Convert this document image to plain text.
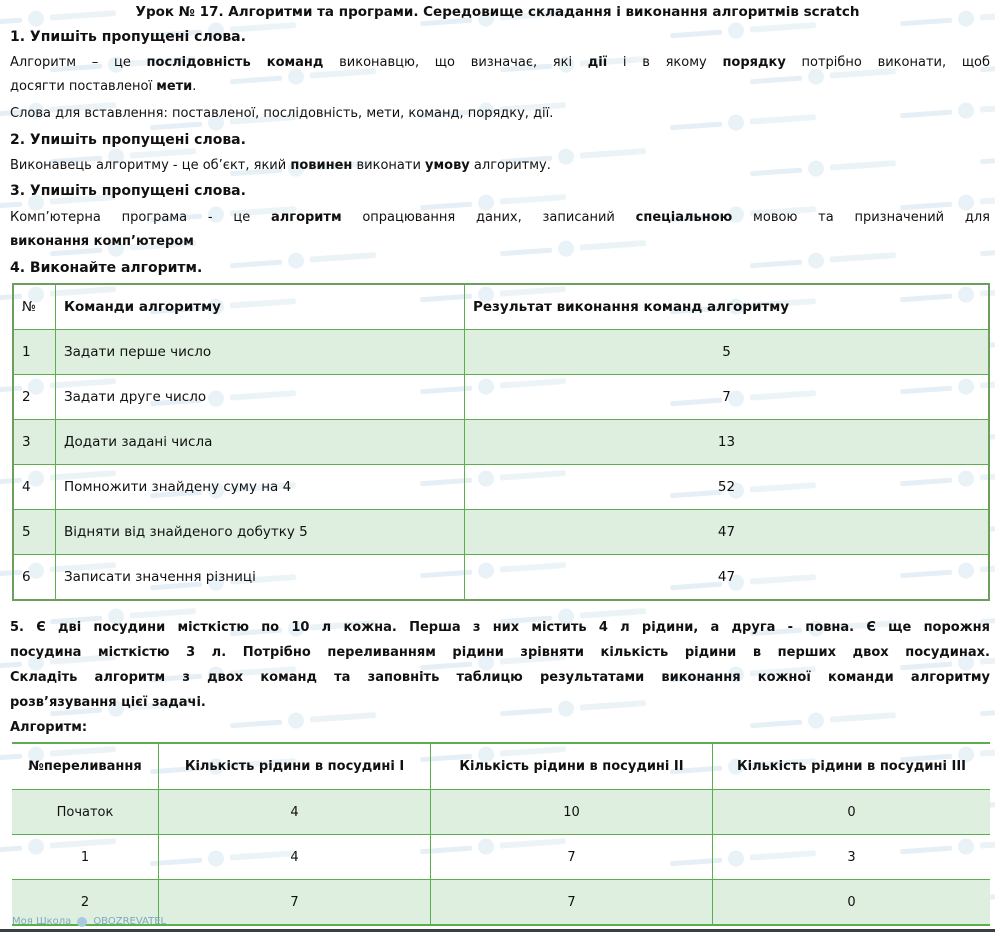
Урок № 17. Алгоритми та програми. Середовище складання і виконання алгоритмів scratch
1. Упишіть пропущені слова.
Алгоритм – це послідовність команд виконавцю, що визначає, які дії і в якому порядку потрібно виконати, щоб
досягти поставленої мети.
Слова для вставлення: поставленої, послідовність, мети, команд, порядку, дії.
2. Упишіть пропущені слова.
Виконавець алгоритму - це об’єкт, який повинен виконати умову алгоритму.
3. Упишіть пропущені слова.
Комп’ютерна програма - це алгоритм опрацювання даних, записаний спеціальною мовою та призначений для
виконання комп’ютером
4. Виконайте алгоритм.
№	Команди алгоритму	Результат виконання команд алгоритму
1	Задати перше число	5
2	Задати друге число	7
3	Додати задані числа	13
4	Помножити знайдену суму на 4	52
5	Відняти від знайденого добутку 5	47
6	Записати значення різниці	47
5. Є дві посудини місткістю по 10 л кожна. Перша з них містить 4 л рідини, а друга - повна. Є ще порожня
посудина місткістю 3 л. Потрібно переливанням рідини зрівняти кількість рідини в перших двох посудинах.
Складіть алгоритм з двох команд та заповніть таблицю результатами виконання кожної команди алгоритму
розв’язування цієї задачі.
Алгоритм:
№переливання	Кількість рідини в посудині І	Кількість рідини в посудині ІІ	Кількість рідини в посудині ІІІ
Початок	4	10	0
1	4	7	3
2	7	7	0
Моя Школа OBOZREVATEL
